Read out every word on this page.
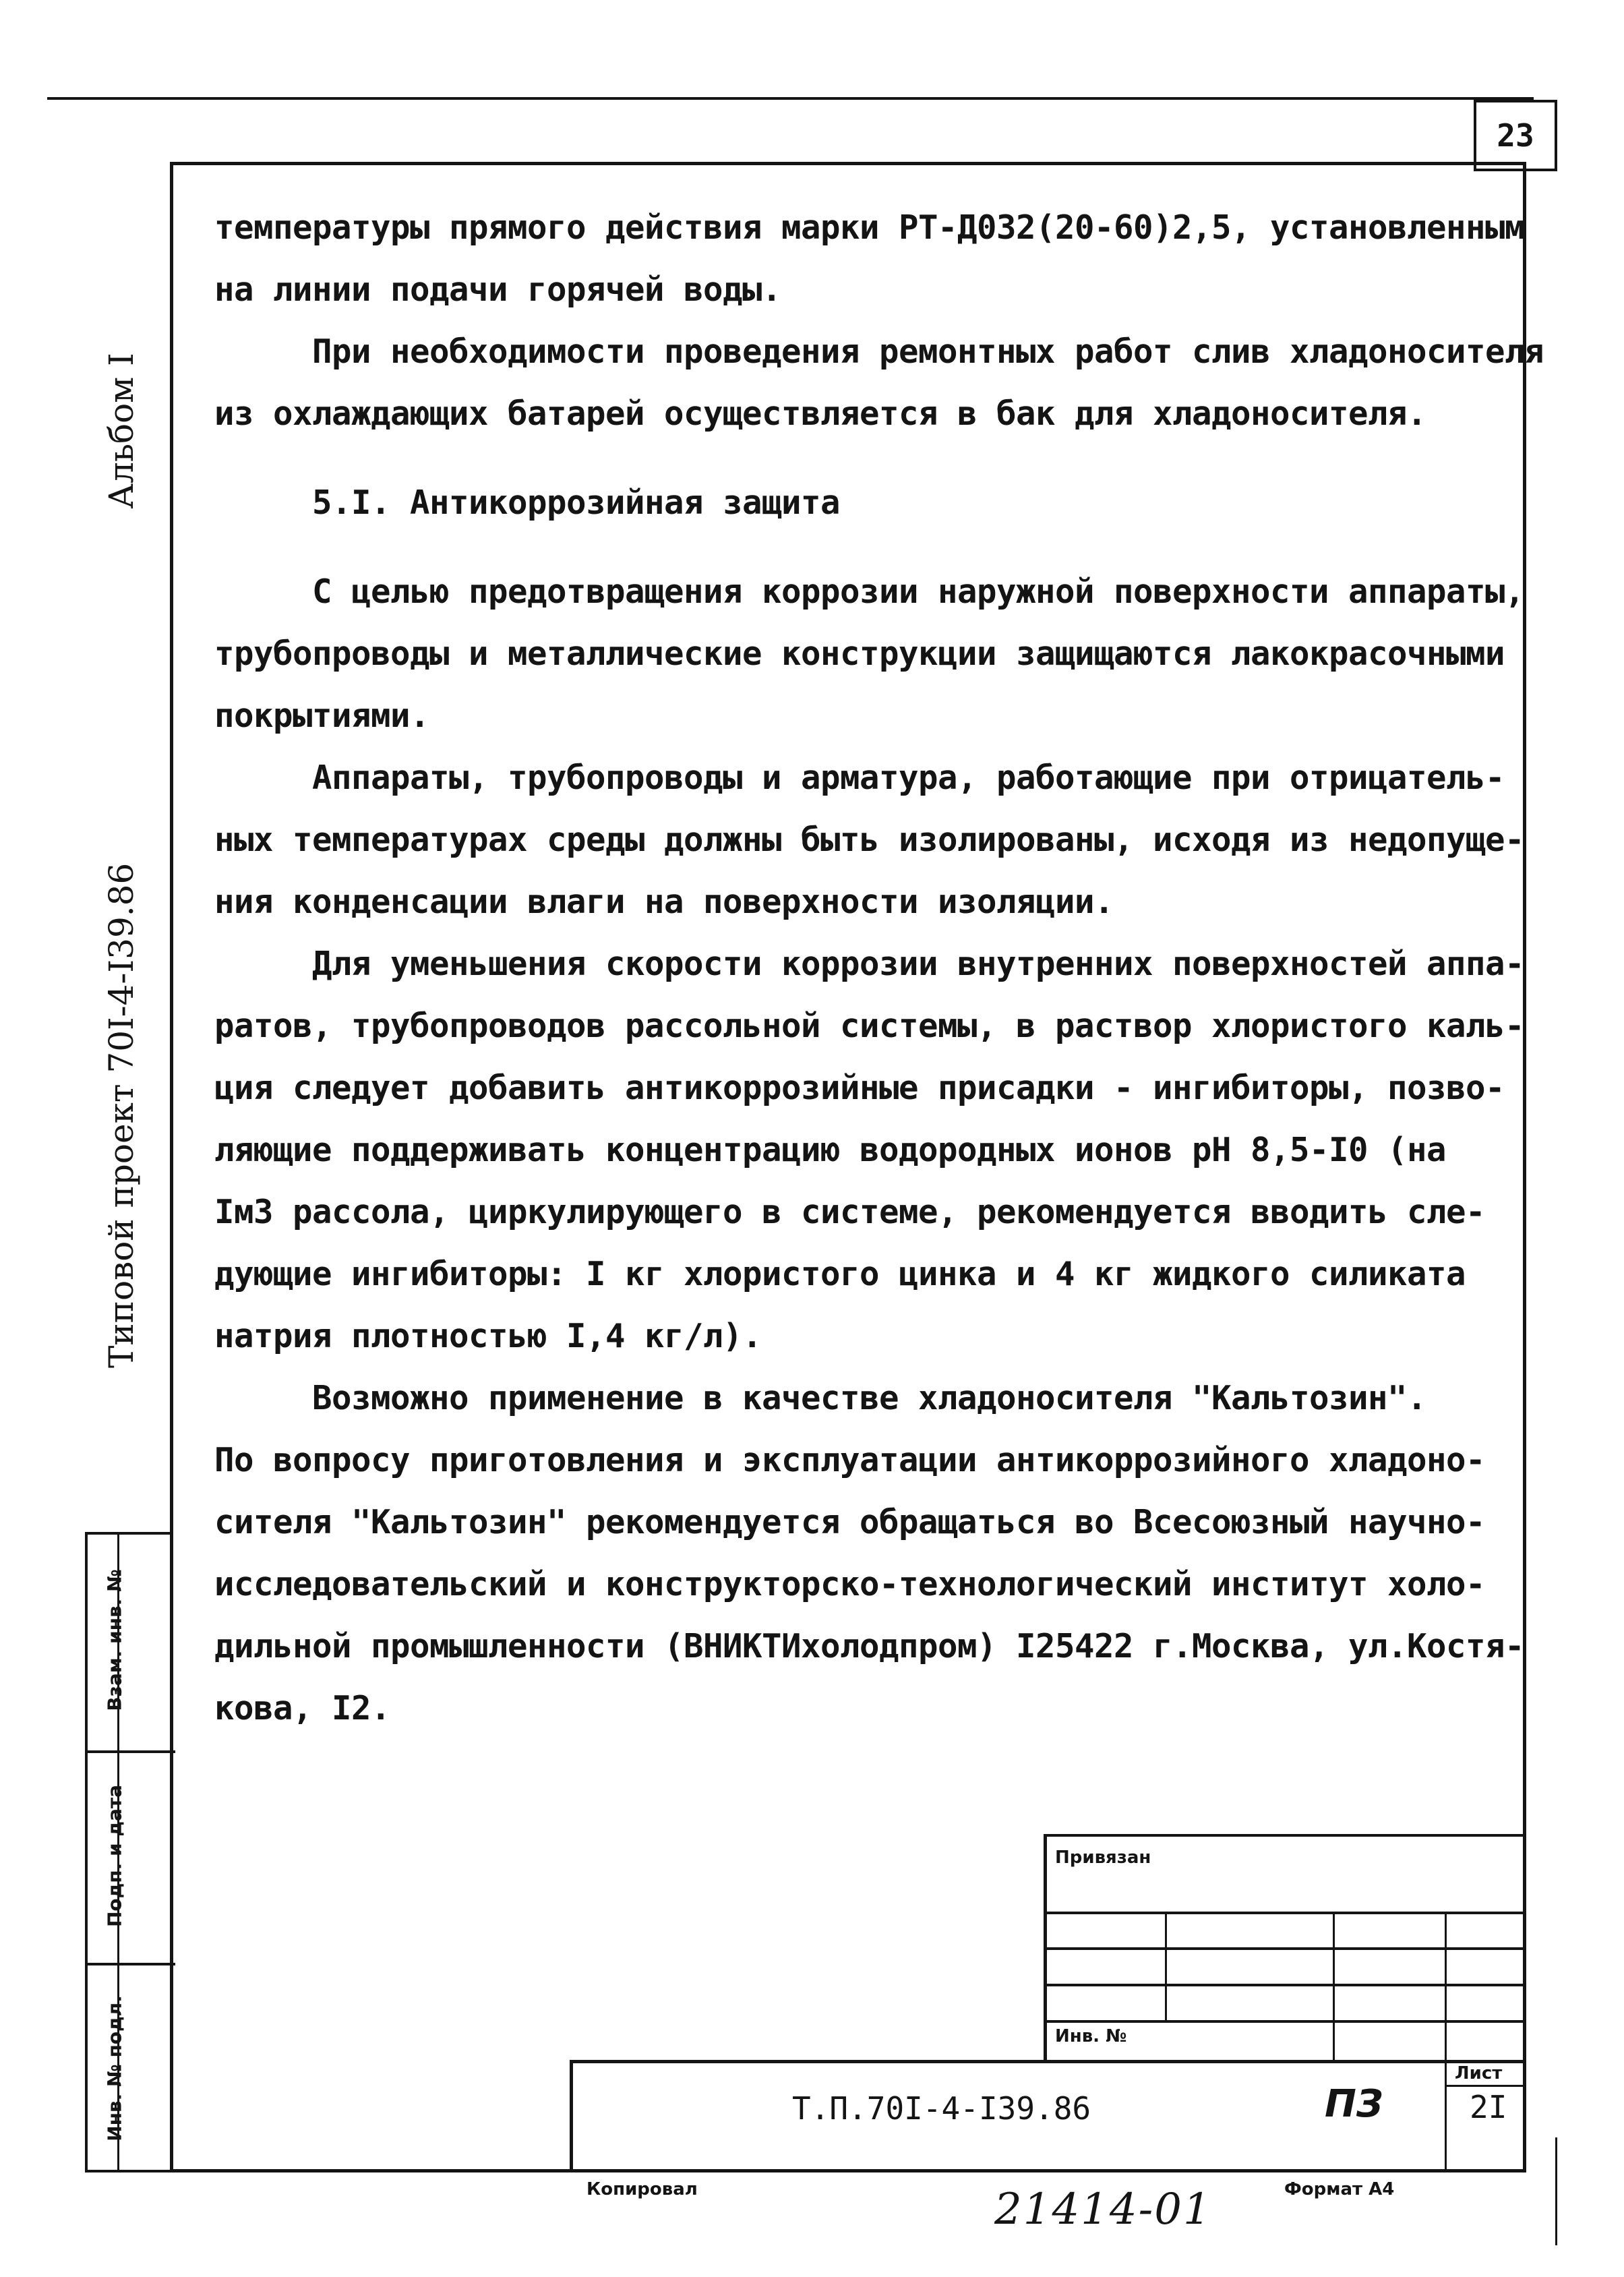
23
Альбом I
Типовой проект 70I-4-I39.86
Взам. инв. №
Подп. и дата
Инв. № подл.
температуры прямого действия марки РТ-Д032(20-60)2,5, установленным
на линии подачи горячей воды.
При необходимости проведения ремонтных работ слив хладоносителя
из охлаждающих батарей осуществляется в бак для хладоносителя.
5.I. Антикоррозийная защита
С целью предотвращения коррозии наружной поверхности аппараты,
трубопроводы и металлические конструкции защищаются лакокрасочными
покрытиями.
Аппараты, трубопроводы и арматура, работающие при отрицатель-
ных температурах среды должны быть изолированы, исходя из недопуще-
ния конденсации влаги на поверхности изоляции.
Для уменьшения скорости коррозии внутренних поверхностей аппа-
ратов, трубопроводов рассольной системы, в раствор хлористого каль-
ция следует добавить антикоррозийные присадки - ингибиторы, позво-
ляющие поддерживать концентрацию водородных ионов рН 8,5-I0 (на
IмЗ рассола, циркулирующего в системе, рекомендуется вводить сле-
дующие ингибиторы: I кг хлористого цинка и 4 кг жидкого силиката
натрия плотностью I,4 кг/л).
Возможно применение в качестве хладоносителя "Кальтозин".
По вопросу приготовления и эксплуатации антикоррозийного хладоно-
сителя "Кальтозин" рекомендуется обращаться во Всесоюзный научно-
исследовательский и конструкторско-технологический институт холо-
дильной промышленности (ВНИКТИхолодпром) I25422 г.Москва, ул.Костя-
кова, I2.
Привязан
Инв. №
Лист
Т.П.70I-4-I39.86	ПЗ	2I
Копировал	Формат А4
21414-01
